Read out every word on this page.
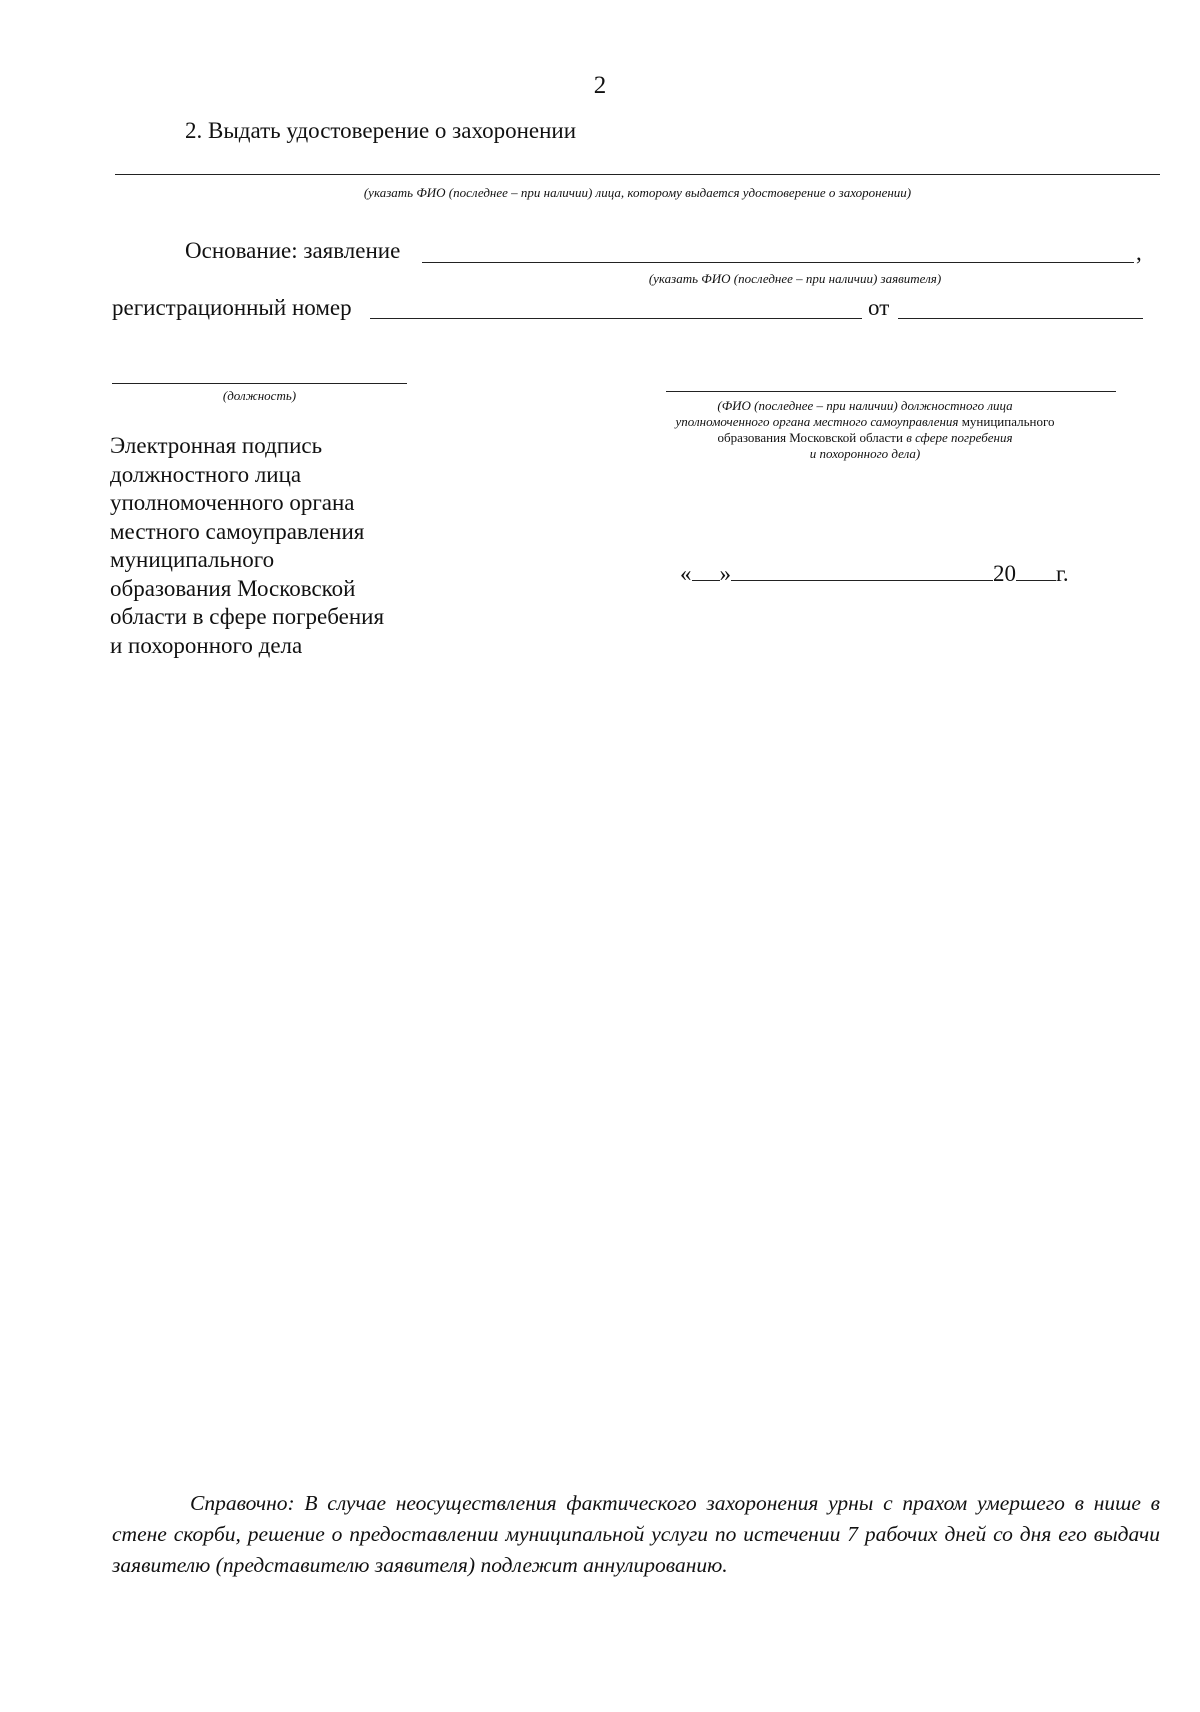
2
2. Выдать удостоверение о захоронении
(указать ФИО (последнее – при наличии) лица, которому выдается удостоверение о захоронении)
Основание: заявление	,
(указать ФИО (последнее – при наличии) заявителя)
регистрационный номер	от
(должность)
(ФИО (последнее – при наличии) должностного лица
уполномоченного органа местного самоуправления муниципального
образования Московской области в сфере погребения
и похоронного дела)
Электронная подпись
должностного лица
уполномоченного органа
местного самоуправления
муниципального
образования Московской
области в сфере погребения
и похоронного дела
« »	20 г.
Справочно: В случае неосуществления фактического захоронения урны с прахом умершего в нише в стене скорби, решение о предоставлении муниципальной услуги по истечении 7 рабочих дней со дня его выдачи заявителю (представителю заявителя) подлежит аннулированию.
